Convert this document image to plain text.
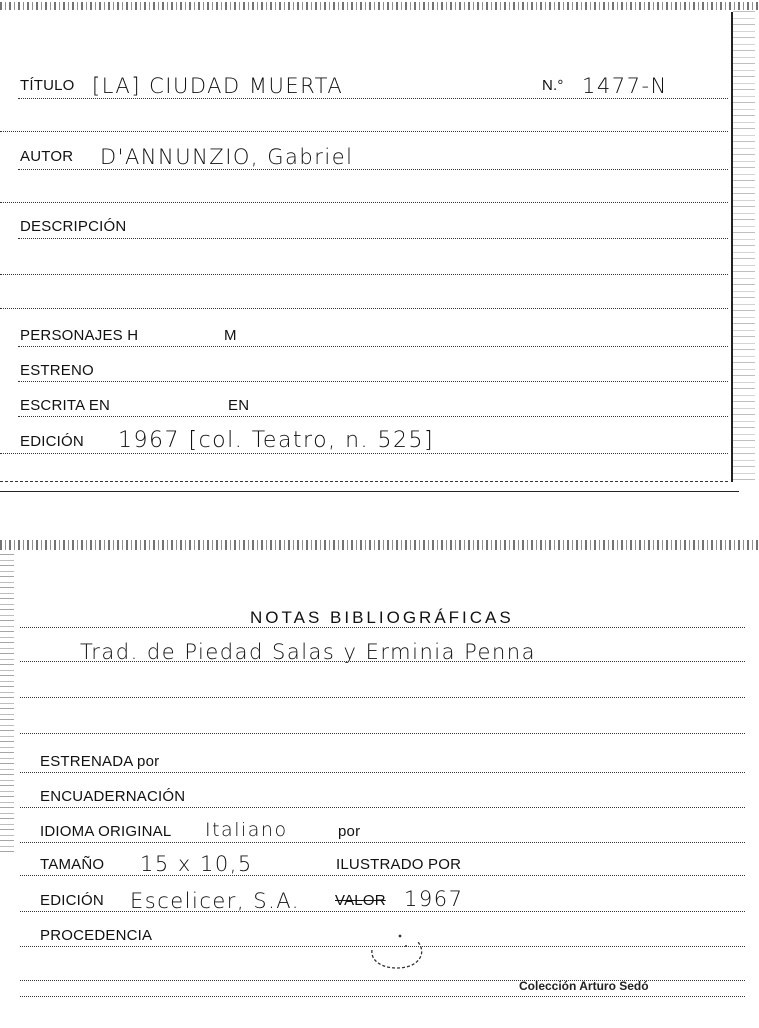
TÍTULO [LA] CIUDAD MUERTA	N.° 1477-N
AUTOR D'ANNUNZIO, Gabriel
DESCRIPCIÓN
PERSONAJES H	M
ESTRENO
ESCRITA EN	EN
EDICIÓN 1967 [col. Teatro, n. 525]
NOTAS BIBLIOGRÁFICAS
Trad. de Piedad Salas y Erminia Penna
ESTRENADA por
ENCUADERNACIÓN
IDIOMA ORIGINAL Italiano	por
TAMAÑO 15 x 10,5	ILUSTRADO POR
EDICIÓN Escelicer, S.A. VALOR 1967
PROCEDENCIA
Colección Arturo Sedó
